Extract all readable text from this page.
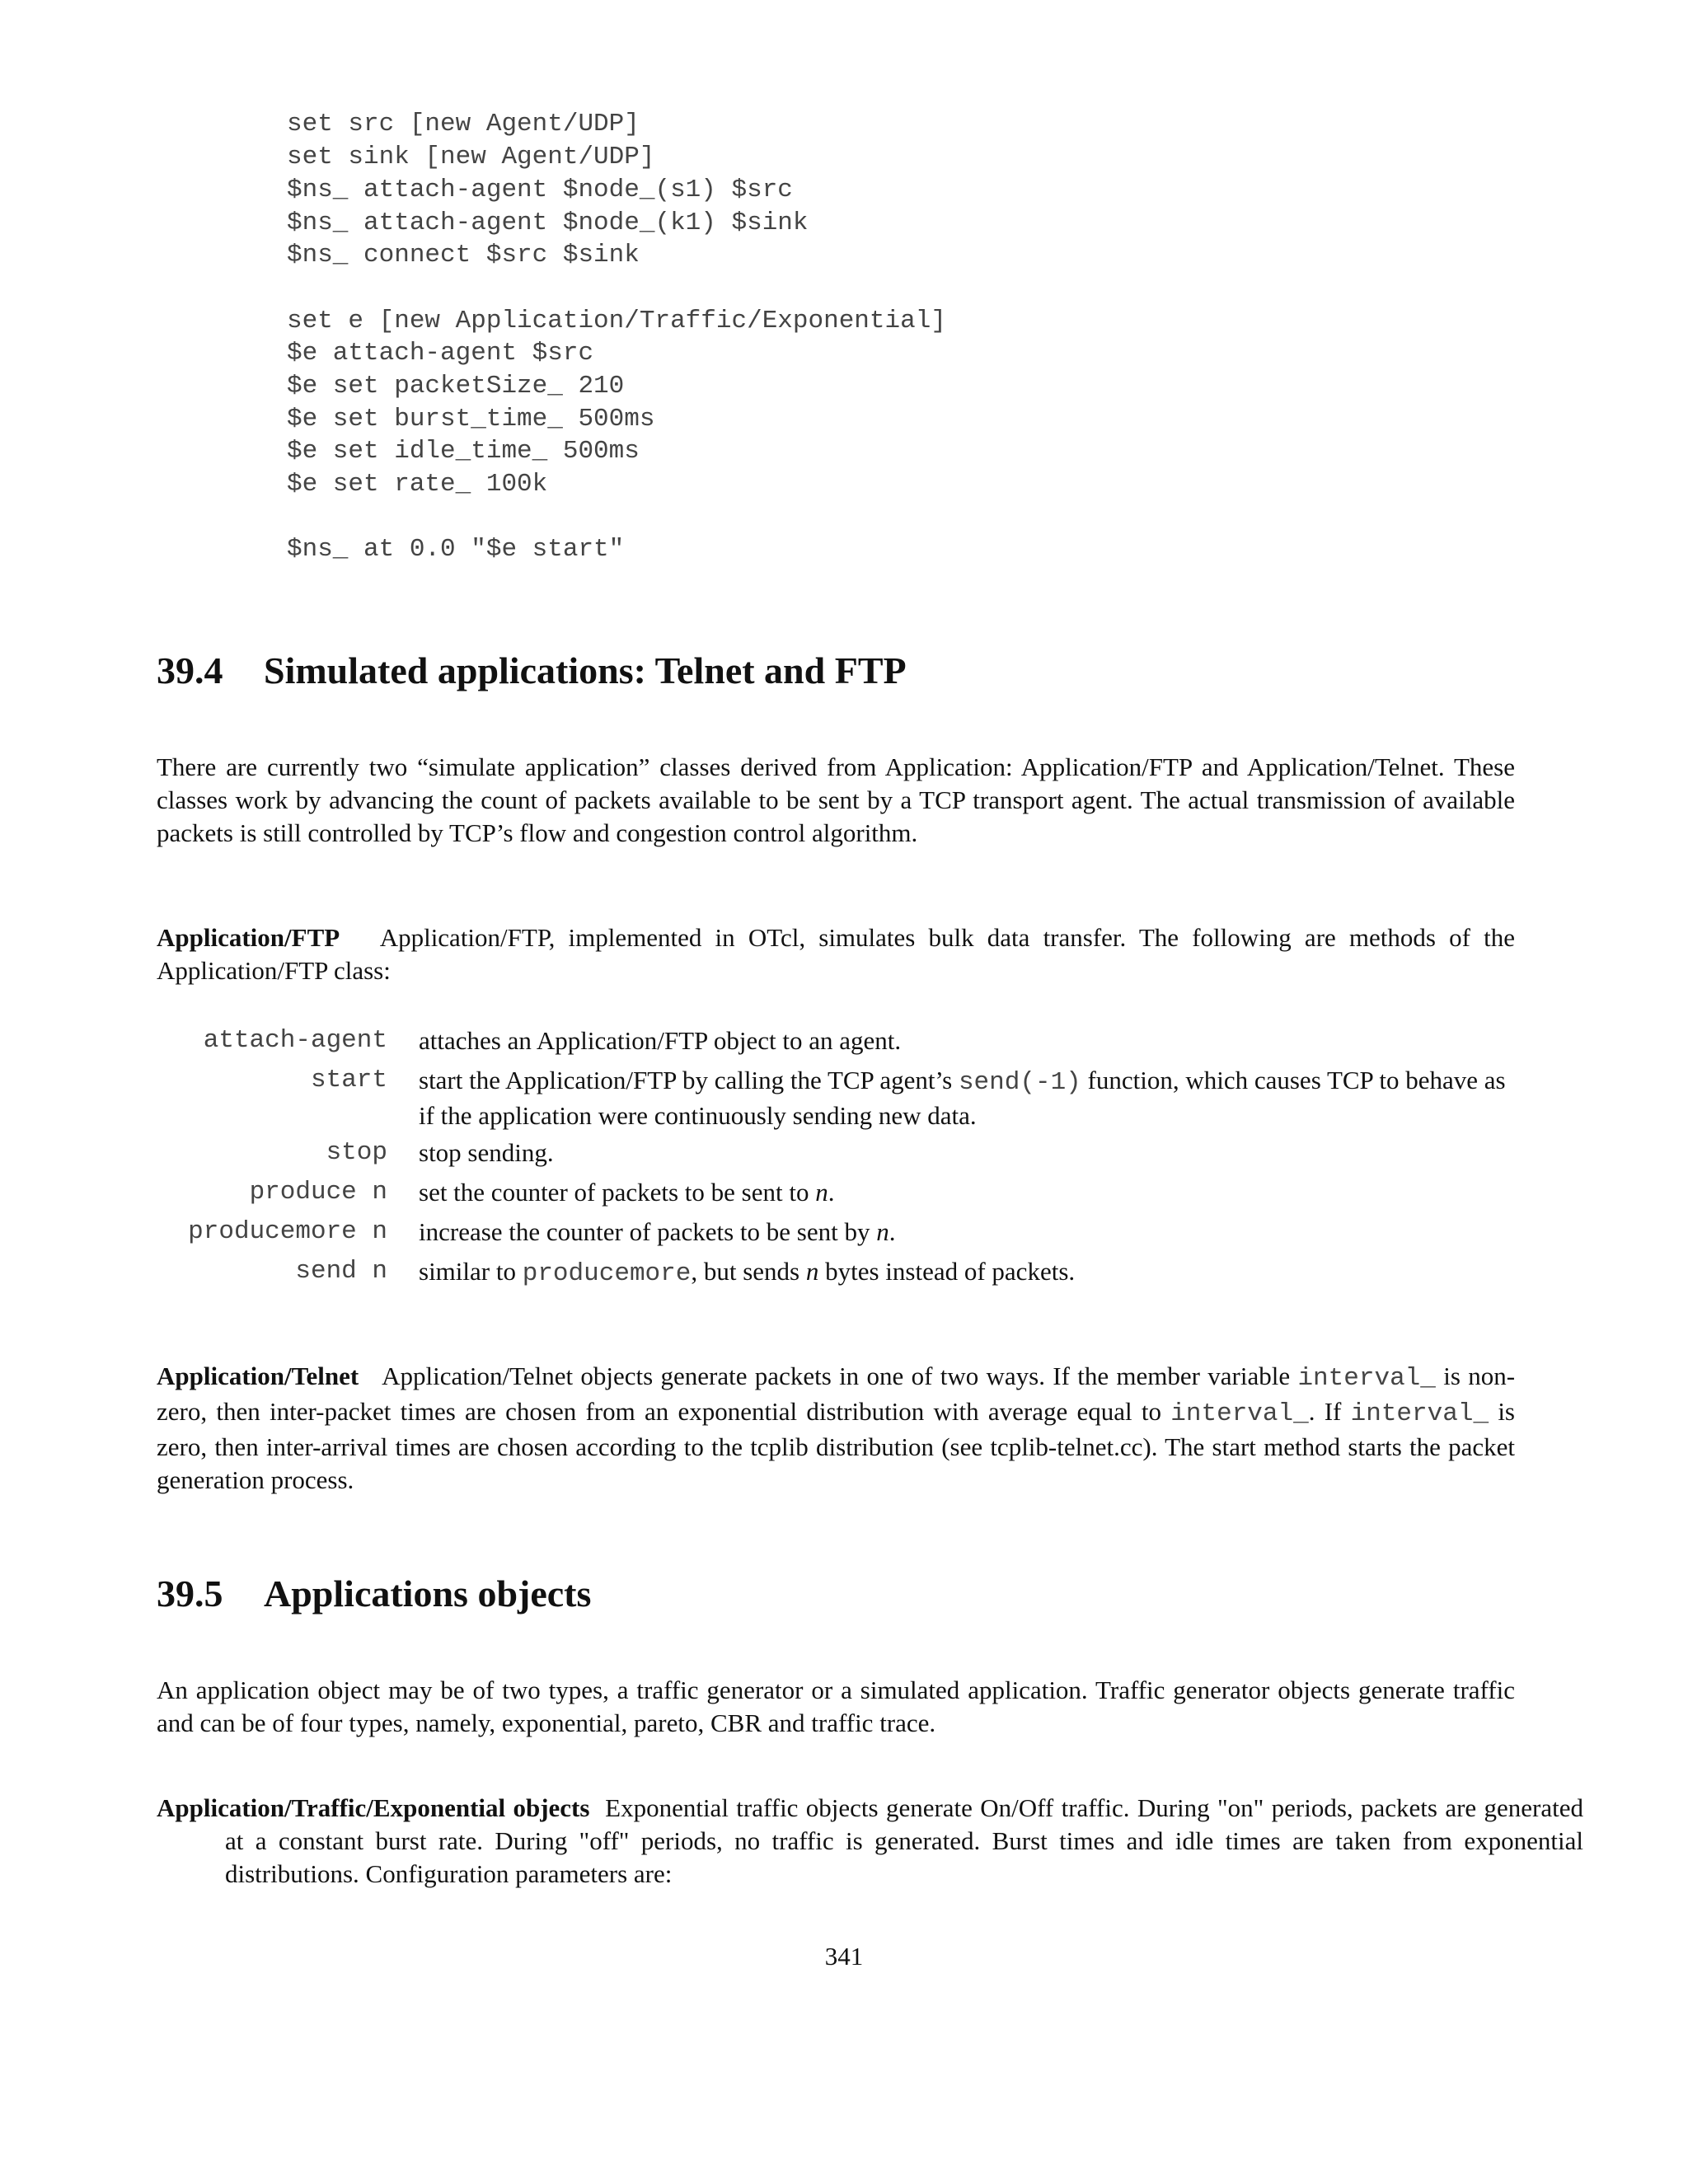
set src [new Agent/UDP]
set sink [new Agent/UDP]
$ns_ attach-agent $node_(s1) $src
$ns_ attach-agent $node_(k1) $sink
$ns_ connect $src $sink
set e [new Application/Traffic/Exponential]
$e attach-agent $src
$e set packetSize_ 210
$e set burst_time_ 500ms
$e set idle_time_ 500ms
$e set rate_ 100k
$ns_ at 0.0 "$e start"
39.4 Simulated applications: Telnet and FTP

There are currently two “simulate application” classes derived from Application: Application/FTP and Application/Telnet. These classes work by advancing the count of packets available to be sent by a TCP transport agent. The actual transmission of available packets is still controlled by TCP’s flow and congestion control algorithm.

Application/FTP Application/FTP, implemented in OTcl, simulates bulk data transfer. The following are methods of the Application/FTP class:

attach-agent attaches an Application/FTP object to an agent.
start start the Application/FTP by calling the TCP agent’s send(-1) function, which causes TCP to behave as if the application were continuously sending new data.
stop stop sending.
produce n set the counter of packets to be sent to n.
producemore n increase the counter of packets to be sent by n.
send n similar to producemore, but sends n bytes instead of packets.

Application/Telnet Application/Telnet objects generate packets in one of two ways. If the member variable interval_ is non-zero, then inter-packet times are chosen from an exponential distribution with average equal to interval_. If interval_ is zero, then inter-arrival times are chosen according to the tcplib distribution (see tcplib-telnet.cc). The start method starts the packet generation process.

39.5 Applications objects

An application object may be of two types, a traffic generator or a simulated application. Traffic generator objects generate traffic and can be of four types, namely, exponential, pareto, CBR and traffic trace.

Application/Traffic/Exponential objects Exponential traffic objects generate On/Off traffic. During "on" periods, packets are generated at a constant burst rate. During "off" periods, no traffic is generated. Burst times and idle times are taken from exponential distributions. Configuration parameters are:

341
